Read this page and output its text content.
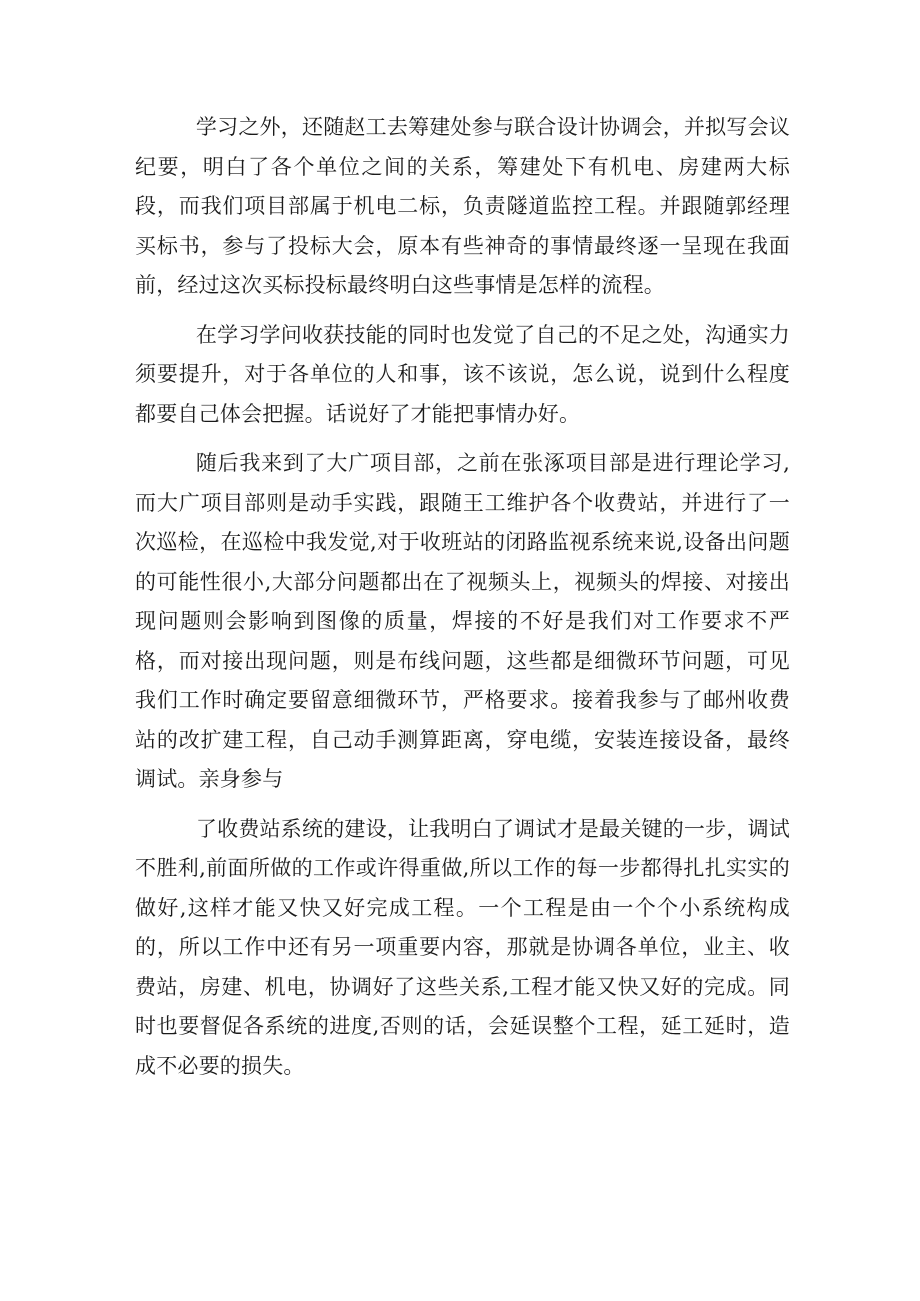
学习之外，还随赵工去筹建处参与联合设计协调会，并拟写会议纪要，明白了各个单位之间的关系，筹建处下有机电、房建两大标段，而我们项目部属于机电二标，负责隧道监控工程。并跟随郭经理买标书，参与了投标大会，原本有些神奇的事情最终逐一呈现在我面前，经过这次买标投标最终明白这些事情是怎样的流程。

在学习学问收获技能的同时也发觉了自己的不足之处，沟通实力须要提升，对于各单位的人和事，该不该说，怎么说，说到什么程度都要自己体会把握。话说好了才能把事情办好。

随后我来到了大广项目部，之前在张涿项目部是进行理论学习,而大广项目部则是动手实践，跟随王工维护各个收费站，并进行了一次巡检，在巡检中我发觉,对于收班站的闭路监视系统来说,设备出问题的可能性很小,大部分问题都出在了视频头上，视频头的焊接、对接出现问题则会影响到图像的质量，焊接的不好是我们对工作要求不严格，而对接出现问题，则是布线问题，这些都是细微环节问题，可见我们工作时确定要留意细微环节，严格要求。接着我参与了邮州收费站的改扩建工程，自己动手测算距离，穿电缆，安装连接设备，最终调试。亲身参与

了收费站系统的建设，让我明白了调试才是最关键的一步，调试不胜利,前面所做的工作或许得重做,所以工作的每一步都得扎扎实实的做好,这样才能又快又好完成工程。一个工程是由一个个小系统构成的，所以工作中还有另一项重要内容，那就是协调各单位，业主、收费站，房建、机电，协调好了这些关系,工程才能又快又好的完成。同时也要督促各系统的进度,否则的话，会延误整个工程，延工延时，造成不必要的损失。
